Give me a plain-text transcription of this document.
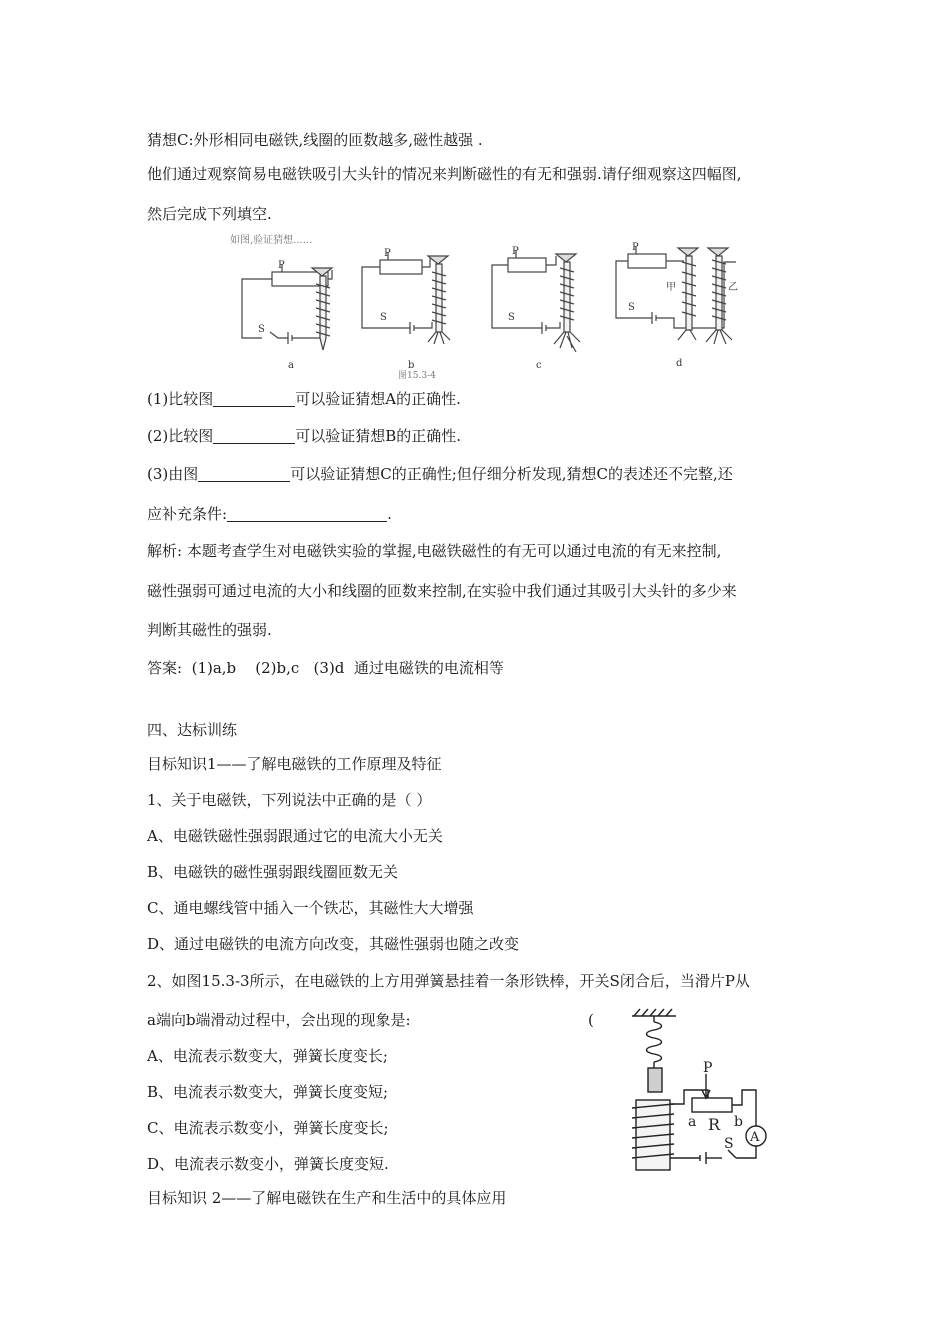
猜想C:外形相同电磁铁,线圈的匝数越多,磁性越强 .
他们通过观察简易电磁铁吸引大头针的情况来判断磁性的有无和强弱.请仔细观察这四幅图,
然后完成下列填空.
如图,验证猜想......
图15.3-4
P
S
a
P
S
b
P
S
c
P
S
甲	乙
d
(1)比较图	可以验证猜想A的正确性.
(2)比较图	可以验证猜想B的正确性.
(3)由图	可以验证猜想C的正确性;但仔细分析发现,猜想C的表述还不完整,还
应补充条件:	.
解析: 本题考查学生对电磁铁实验的掌握,电磁铁磁性的有无可以通过电流的有无来控制,
磁性强弱可通过电流的大小和线圈的匝数来控制,在实验中我们通过其吸引大头针的多少来
判断其磁性的强弱.
答案:  (1)a,b    (2)b,c   (3)d  通过电磁铁的电流相等
四、达标训练
目标知识1——了解电磁铁的工作原理及特征
1、关于电磁铁，下列说法中正确的是（ ）
A、电磁铁磁性强弱跟通过它的电流大小无关
B、电磁铁的磁性强弱跟线圈匝数无关
C、通电螺线管中插入一个铁芯，其磁性大大增强
D、通过电磁铁的电流方向改变，其磁性强弱也随之改变
2、如图15.3-3所示，在电磁铁的上方用弹簧悬挂着一条形铁棒，开关S闭合后，当滑片P从
a端向b端滑动过程中，会出现的现象是:	(
A、电流表示数变大，弹簧长度变长;
B、电流表示数变大，弹簧长度变短;
C、电流表示数变小，弹簧长度变长;
D、电流表示数变小，弹簧长度变短.
目标知识 2——了解电磁铁在生产和生活中的具体应用
P
a R b
S A
